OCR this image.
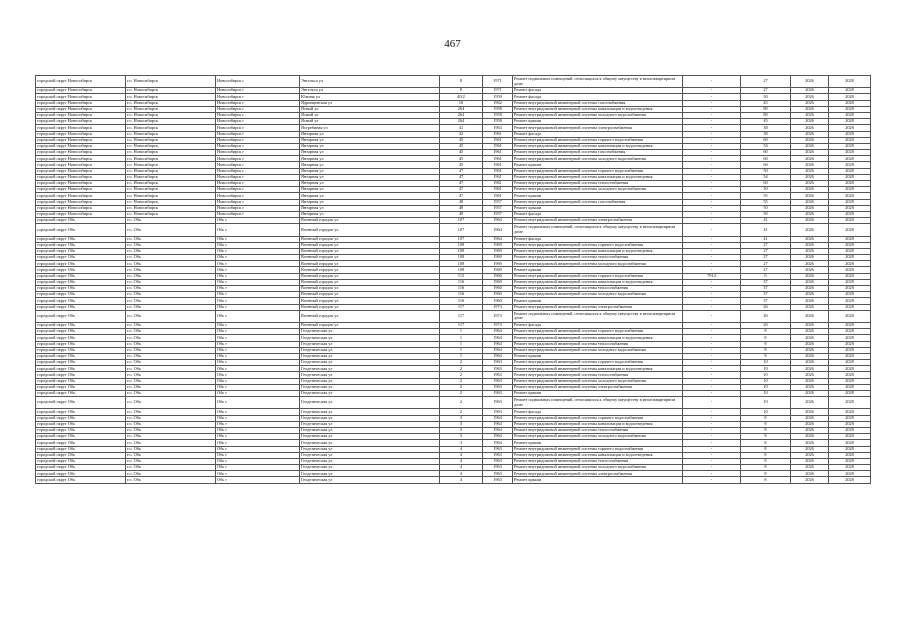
467
городской округ Новосибирск	г.о. Новосибирск	Новосибирск г	Энгельса ул	8	1971	Ремонт подвальных помещений, относящихся к общему имуществу в многоквартирном доме	-	27	2026	2028
городской округ Новосибирск	г.о. Новосибирск	Новосибирск г	Энгельса ул	8	1971	Ремонт фасада	-	27	2026	2028
городской округ Новосибирск	г.о. Новосибирск	Новосибирск г	Южная ул	40/2	1959	Ремонт фасада	-	50	2026	2028
городской округ Новосибирск	г.о. Новосибирск	Новосибирск г	Ядринцевская ул	16	1962	Ремонт внутридомовой инженерной системы газоснабжения	-	45	2026	2028
городской округ Новосибирск	г.о. Новосибирск	Новосибирск г	Ясный ул	264	1958	Ремонт внутридомовой инженерной системы канализации и водоотведения	-	80	2026	2028
городской округ Новосибирск	г.о. Новосибирск	Новосибирск г	Ясный ул	264	1958	Ремонт внутридомовой инженерной системы холодного водоснабжения	-	80	2026	2028
городской округ Новосибирск	г.о. Новосибирск	Новосибирск г	Ясный ул	264	1958	Ремонт крыши	-	45	2026	2028
городской округ Новосибирск	г.о. Новосибирск	Новосибирск г	Ястребиная ул	41	1963	Ремонт внутридомовой инженерной системы электроснабжения	-	38	2026	2028
городской округ Новосибирск	г.о. Новосибирск	Новосибирск г	Янтарная ул	42	1961	Ремонт фасада	-	38	2026	2028
городской округ Новосибирск	г.о. Новосибирск	Новосибирск г	Янтарная ул	45	1961	Ремонт внутридомовой инженерной системы горячего водоснабжения	-	60	2026	2028
городской округ Новосибирск	г.о. Новосибирск	Новосибирск г	Янтарная ул	45	1961	Ремонт внутридомовой инженерной системы канализации и водоотведения	-	54	2026	2028
городской округ Новосибирск	г.о. Новосибирск	Новосибирск г	Янтарная ул	45	1961	Ремонт внутридомовой инженерной системы газоснабжения	-	60	2026	2028
городской округ Новосибирск	г.о. Новосибирск	Новосибирск г	Янтарная ул	45	1961	Ремонт внутридомовой инженерной системы холодного водоснабжения	-	60	2026	2028
городской округ Новосибирск	г.о. Новосибирск	Новосибирск г	Янтарная ул	45	1961	Ремонт крыши	-	60	2026	2028
городской округ Новосибирск	г.о. Новосибирск	Новосибирск г	Янтарная ул	47	1961	Ремонт внутридомовой инженерной системы горячего водоснабжения	-	50	2026	2028
городской округ Новосибирск	г.о. Новосибирск	Новосибирск г	Янтарная ул	47	1961	Ремонт внутридомовой инженерной системы канализации и водоотведения	-	54	2026	2028
городской округ Новосибирск	г.о. Новосибирск	Новосибирск г	Янтарная ул	47	1961	Ремонт внутридомовой инженерной системы теплоснабжения	-	60	2026	2028
городской округ Новосибирск	г.о. Новосибирск	Новосибирск г	Янтарная ул	47	1961	Ремонт внутридомовой инженерной системы холодного водоснабжения	-	50	2026	2028
городской округ Новосибирск	г.о. Новосибирск	Новосибирск г	Янтарная ул	47	1961	Ремонт крыши	-	55	2026	2028
городской округ Новосибирск	г.о. Новосибирск	Новосибирск г	Янтарная ул	48	1957	Ремонт внутридомовой инженерной системы газоснабжения	-	55	2026	2028
городской округ Новосибирск	г.о. Новосибирск	Новосибирск г	Янтарная ул	48	1957	Ремонт крыши	-	50	2026	2028
городской округ Новосибирск	г.о. Новосибирск	Новосибирск г	Янтарная ул	48	1957	Ремонт фасада	-	50	2026	2028
городской округ Обь	г.о. Обь	Обь г	Военный городок ул	107	1964	Ремонт внутридомовой инженерной системы электроснабжения	-	41	2026	2028
городской округ Обь	г.о. Обь	Обь г	Военный городок ул	107	1964	Ремонт подвальных помещений, относящихся к общему имуществу в многоквартирном доме	-	41	2026	2028
городской округ Обь	г.о. Обь	Обь г	Военный городок ул	107	1964	Ремонт фасада	-	41	2026	2028
городской округ Обь	г.о. Обь	Обь г	Военный городок ул	108	1969	Ремонт внутридомовой инженерной системы горячего водоснабжения	-	27	2026	2028
городской округ Обь	г.о. Обь	Обь г	Военный городок ул	108	1969	Ремонт внутридомовой инженерной системы канализации и водоотведения	-	27	2026	2028
городской округ Обь	г.о. Обь	Обь г	Военный городок ул	108	1969	Ремонт внутридомовой инженерной системы теплоснабжения	-	27	2026	2028
городской округ Обь	г.о. Обь	Обь г	Военный городок ул	108	1969	Ремонт внутридомовой инженерной системы холодного водоснабжения	-	27	2026	2028
городской округ Обь	г.о. Обь	Обь г	Военный городок ул	108	1969	Ремонт крыши	-	27	2026	2028
городской округ Обь	г.о. Обь	Обь г	Военный городок ул	115	1960	Ремонт внутридомовой инженерной системы горячего водоснабжения	7914	0	2026	2028
городской округ Обь	г.о. Обь	Обь г	Военный городок ул	116	1960	Ремонт внутридомовой инженерной системы канализации и водоотведения	-	37	2026	2028
городской округ Обь	г.о. Обь	Обь г	Военный городок ул	116	1960	Ремонт внутридомовой инженерной системы теплоснабжения	-	37	2026	2028
городской округ Обь	г.о. Обь	Обь г	Военный городок ул	116	1960	Ремонт внутридомовой инженерной системы холодного водоснабжения	-	37	2026	2028
городской округ Обь	г.о. Обь	Обь г	Военный городок ул	116	1960	Ремонт крыши	-	37	2026	2028
городской округ Обь	г.о. Обь	Обь г	Военный городок ул	117	1973	Ремонт внутридомовой инженерной системы электроснабжения	-	26	2026	2028
городской округ Обь	г.о. Обь	Обь г	Военный городок ул	117	1973	Ремонт подвальных помещений, относящихся к общему имуществу в многоквартирном доме	-	26	2026	2028
городской округ Обь	г.о. Обь	Обь г	Военный городок ул	117	1973	Ремонт фасада	-	26	2026	2028
городской округ Обь	г.о. Обь	Обь г	Геодезическая ул	1	1964	Ремонт внутридомовой инженерной системы горячего водоснабжения	-	8	2026	2028
городской округ Обь	г.о. Обь	Обь г	Геодезическая ул	1	1964	Ремонт внутридомовой инженерной системы канализации и водоотведения	-	8	2026	2028
городской округ Обь	г.о. Обь	Обь г	Геодезическая ул	1	1964	Ремонт внутридомовой инженерной системы теплоснабжения	-	8	2026	2028
городской округ Обь	г.о. Обь	Обь г	Геодезическая ул	1	1964	Ремонт внутридомовой инженерной системы холодного водоснабжения	-	8	2026	2028
городской округ Обь	г.о. Обь	Обь г	Геодезическая ул	1	1964	Ремонт крыши	-	8	2026	2028
городской округ Обь	г.о. Обь	Обь г	Геодезическая ул	2	1963	Ремонт внутридомовой инженерной системы горячего водоснабжения	-	10	2026	2028
городской округ Обь	г.о. Обь	Обь г	Геодезическая ул	2	1963	Ремонт внутридомовой инженерной системы канализации и водоотведения	-	10	2026	2028
городской округ Обь	г.о. Обь	Обь г	Геодезическая ул	2	1963	Ремонт внутридомовой инженерной системы теплоснабжения	-	10	2026	2028
городской округ Обь	г.о. Обь	Обь г	Геодезическая ул	2	1963	Ремонт внутридомовой инженерной системы холодного водоснабжения	-	10	2026	2028
городской округ Обь	г.о. Обь	Обь г	Геодезическая ул	2	1963	Ремонт внутридомовой инженерной системы электроснабжения	-	10	2026	2028
городской округ Обь	г.о. Обь	Обь г	Геодезическая ул	2	1963	Ремонт крыши	-	10	2026	2028
городской округ Обь	г.о. Обь	Обь г	Геодезическая ул	2	1963	Ремонт подвальных помещений, относящихся к общему имуществу в многоквартирном доме	-	10	2026	2028
городской округ Обь	г.о. Обь	Обь г	Геодезическая ул	2	1963	Ремонт фасада	-	10	2026	2028
городской округ Обь	г.о. Обь	Обь г	Геодезическая ул	3	1964	Ремонт внутридомовой инженерной системы горячего водоснабжения	-	8	2026	2028
городской округ Обь	г.о. Обь	Обь г	Геодезическая ул	3	1964	Ремонт внутридомовой инженерной системы канализации и водоотведения	-	8	2026	2028
городской округ Обь	г.о. Обь	Обь г	Геодезическая ул	3	1964	Ремонт внутридомовой инженерной системы теплоснабжения	-	8	2026	2028
городской округ Обь	г.о. Обь	Обь г	Геодезическая ул	3	1964	Ремонт внутридомовой инженерной системы холодного водоснабжения	-	8	2026	2028
городской округ Обь	г.о. Обь	Обь г	Геодезическая ул	3	1964	Ремонт крыши	-	8	2026	2028
городской округ Обь	г.о. Обь	Обь г	Геодезическая ул	4	1963	Ремонт внутридомовой инженерной системы горячего водоснабжения	-	8	2026	2028
городской округ Обь	г.о. Обь	Обь г	Геодезическая ул	4	1963	Ремонт внутридомовой инженерной системы канализации и водоотведения	-	8	2026	2028
городской округ Обь	г.о. Обь	Обь г	Геодезическая ул	4	1963	Ремонт внутридомовой инженерной системы теплоснабжения	-	8	2026	2028
городской округ Обь	г.о. Обь	Обь г	Геодезическая ул	4	1963	Ремонт внутридомовой инженерной системы холодного водоснабжения	-	8	2026	2028
городской округ Обь	г.о. Обь	Обь г	Геодезическая ул	4	1963	Ремонт внутридомовой инженерной системы электроснабжения	-	8	2026	2028
городской округ Обь	г.о. Обь	Обь г	Геодезическая ул	4	1963	Ремонт крыши	-	8	2026	2028
